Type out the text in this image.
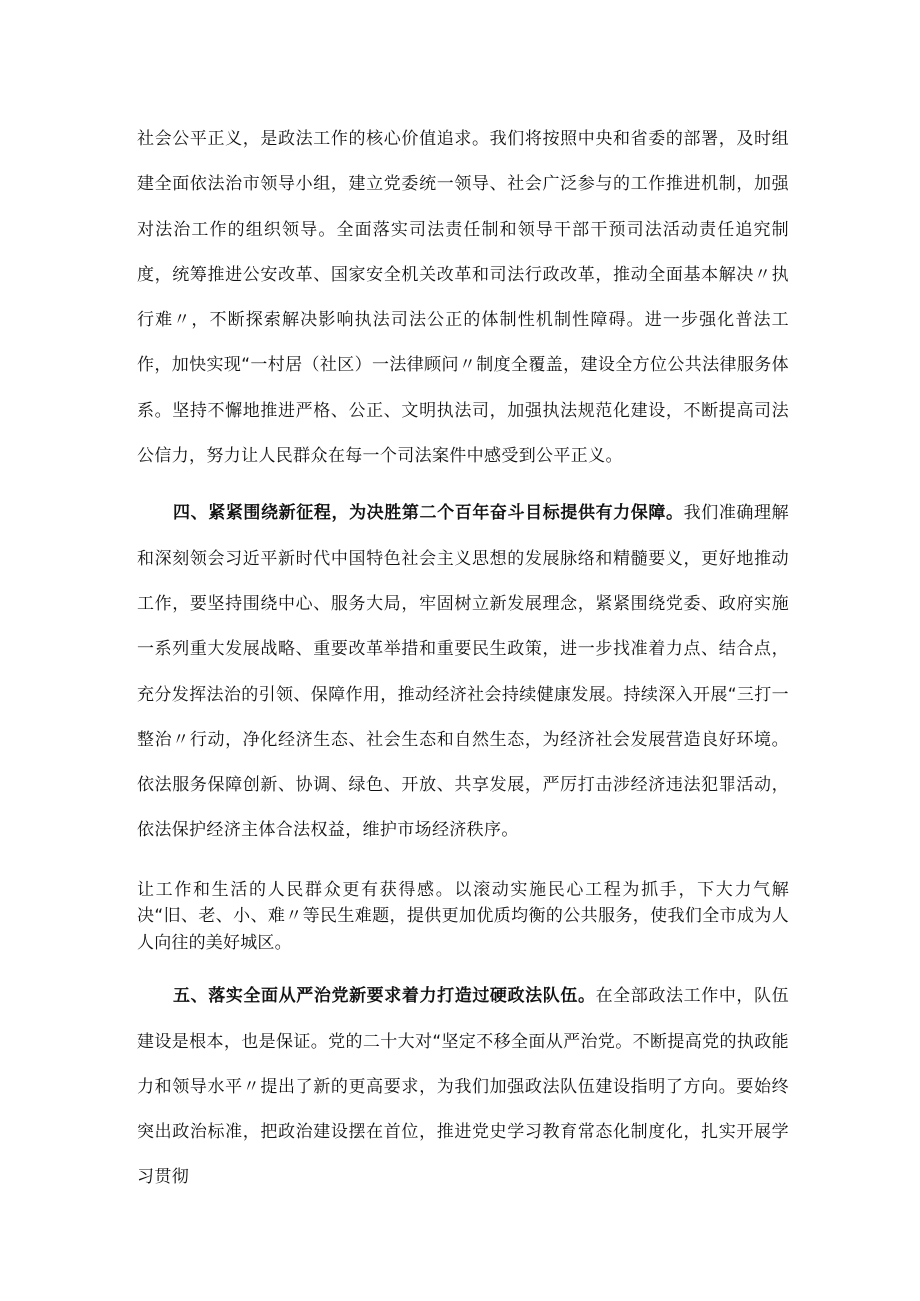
社会公平正义，是政法工作的核心价值追求。我们将按照中央和省委的部署，及时组建全面依法治市领导小组，建立党委统一领导、社会广泛参与的工作推进机制，加强对法治工作的组织领导。全面落实司法责任制和领导干部干预司法活动责任追究制度，统筹推进公安改革、国家安全机关改革和司法行政改革，推动全面基本解决〃执行难〃，不断探索解决影响执法司法公正的体制性机制性障碍。进一步强化普法工作，加快实现“一村居（社区）一法律顾问〃制度全覆盖，建设全方位公共法律服务体系。坚持不懈地推进严格、公正、文明执法司，加强执法规范化建设，不断提高司法公信力，努力让人民群众在每一个司法案件中感受到公平正义。

四、紧紧围绕新征程，为决胜第二个百年奋斗目标提供有力保障。我们准确理解和深刻领会习近平新时代中国特色社会主义思想的发展脉络和精髓要义，更好地推动工作，要坚持围绕中心、服务大局，牢固树立新发展理念，紧紧围绕党委、政府实施一系列重大发展战略、重要改革举措和重要民生政策，进一步找准着力点、结合点，充分发挥法治的引领、保障作用，推动经济社会持续健康发展。持续深入开展“三打一整治〃行动，净化经济生态、社会生态和自然生态，为经济社会发展营造良好环境。依法服务保障创新、协调、绿色、开放、共享发展，严厉打击涉经济违法犯罪活动，依法保护经济主体合法权益，维护市场经济秩序。

让工作和生活的人民群众更有获得感。以滚动实施民心工程为抓手，下大力气解决“旧、老、小、难〃等民生难题，提供更加优质均衡的公共服务，使我们全市成为人人向往的美好城区。

五、落实全面从严治党新要求着力打造过硬政法队伍。在全部政法工作中，队伍建设是根本，也是保证。党的二十大对“坚定不移全面从严治党。不断提高党的执政能力和领导水平〃提出了新的更高要求，为我们加强政法队伍建设指明了方向。要始终突出政治标准，把政治建设摆在首位，推进党史学习教育常态化制度化，扎实开展学习贯彻
